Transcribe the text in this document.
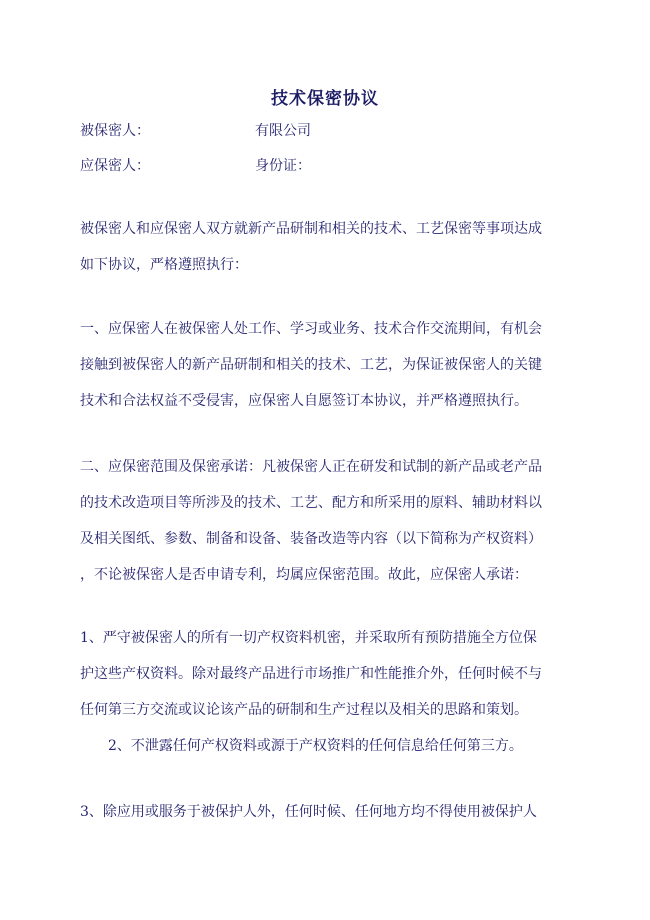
技术保密协议
被保密人：	有限公司
应保密人：	身份证：
被保密人和应保密人双方就新产品研制和相关的技术、工艺保密等事项达成
如下协议，严格遵照执行：
一、应保密人在被保密人处工作、学习或业务、技术合作交流期间，有机会
接触到被保密人的新产品研制和相关的技术、工艺，为保证被保密人的关键
技术和合法权益不受侵害，应保密人自愿签订本协议，并严格遵照执行。
二、应保密范围及保密承诺：凡被保密人正在研发和试制的新产品或老产品
的技术改造项目等所涉及的技术、工艺、配方和所采用的原料、辅助材料以
及相关图纸、参数、制备和设备、装备改造等内容（以下简称为产权资料）
，不论被保密人是否申请专利，均属应保密范围。故此，应保密人承诺：
1、严守被保密人的所有一切产权资料机密，并采取所有预防措施全方位保
护这些产权资料。除对最终产品进行市场推广和性能推介外，任何时候不与
任何第三方交流或议论该产品的研制和生产过程以及相关的思路和策划。
2、不泄露任何产权资料或源于产权资料的任何信息给任何第三方。
3、除应用或服务于被保护人外，任何时候、任何地方均不得使用被保护人
